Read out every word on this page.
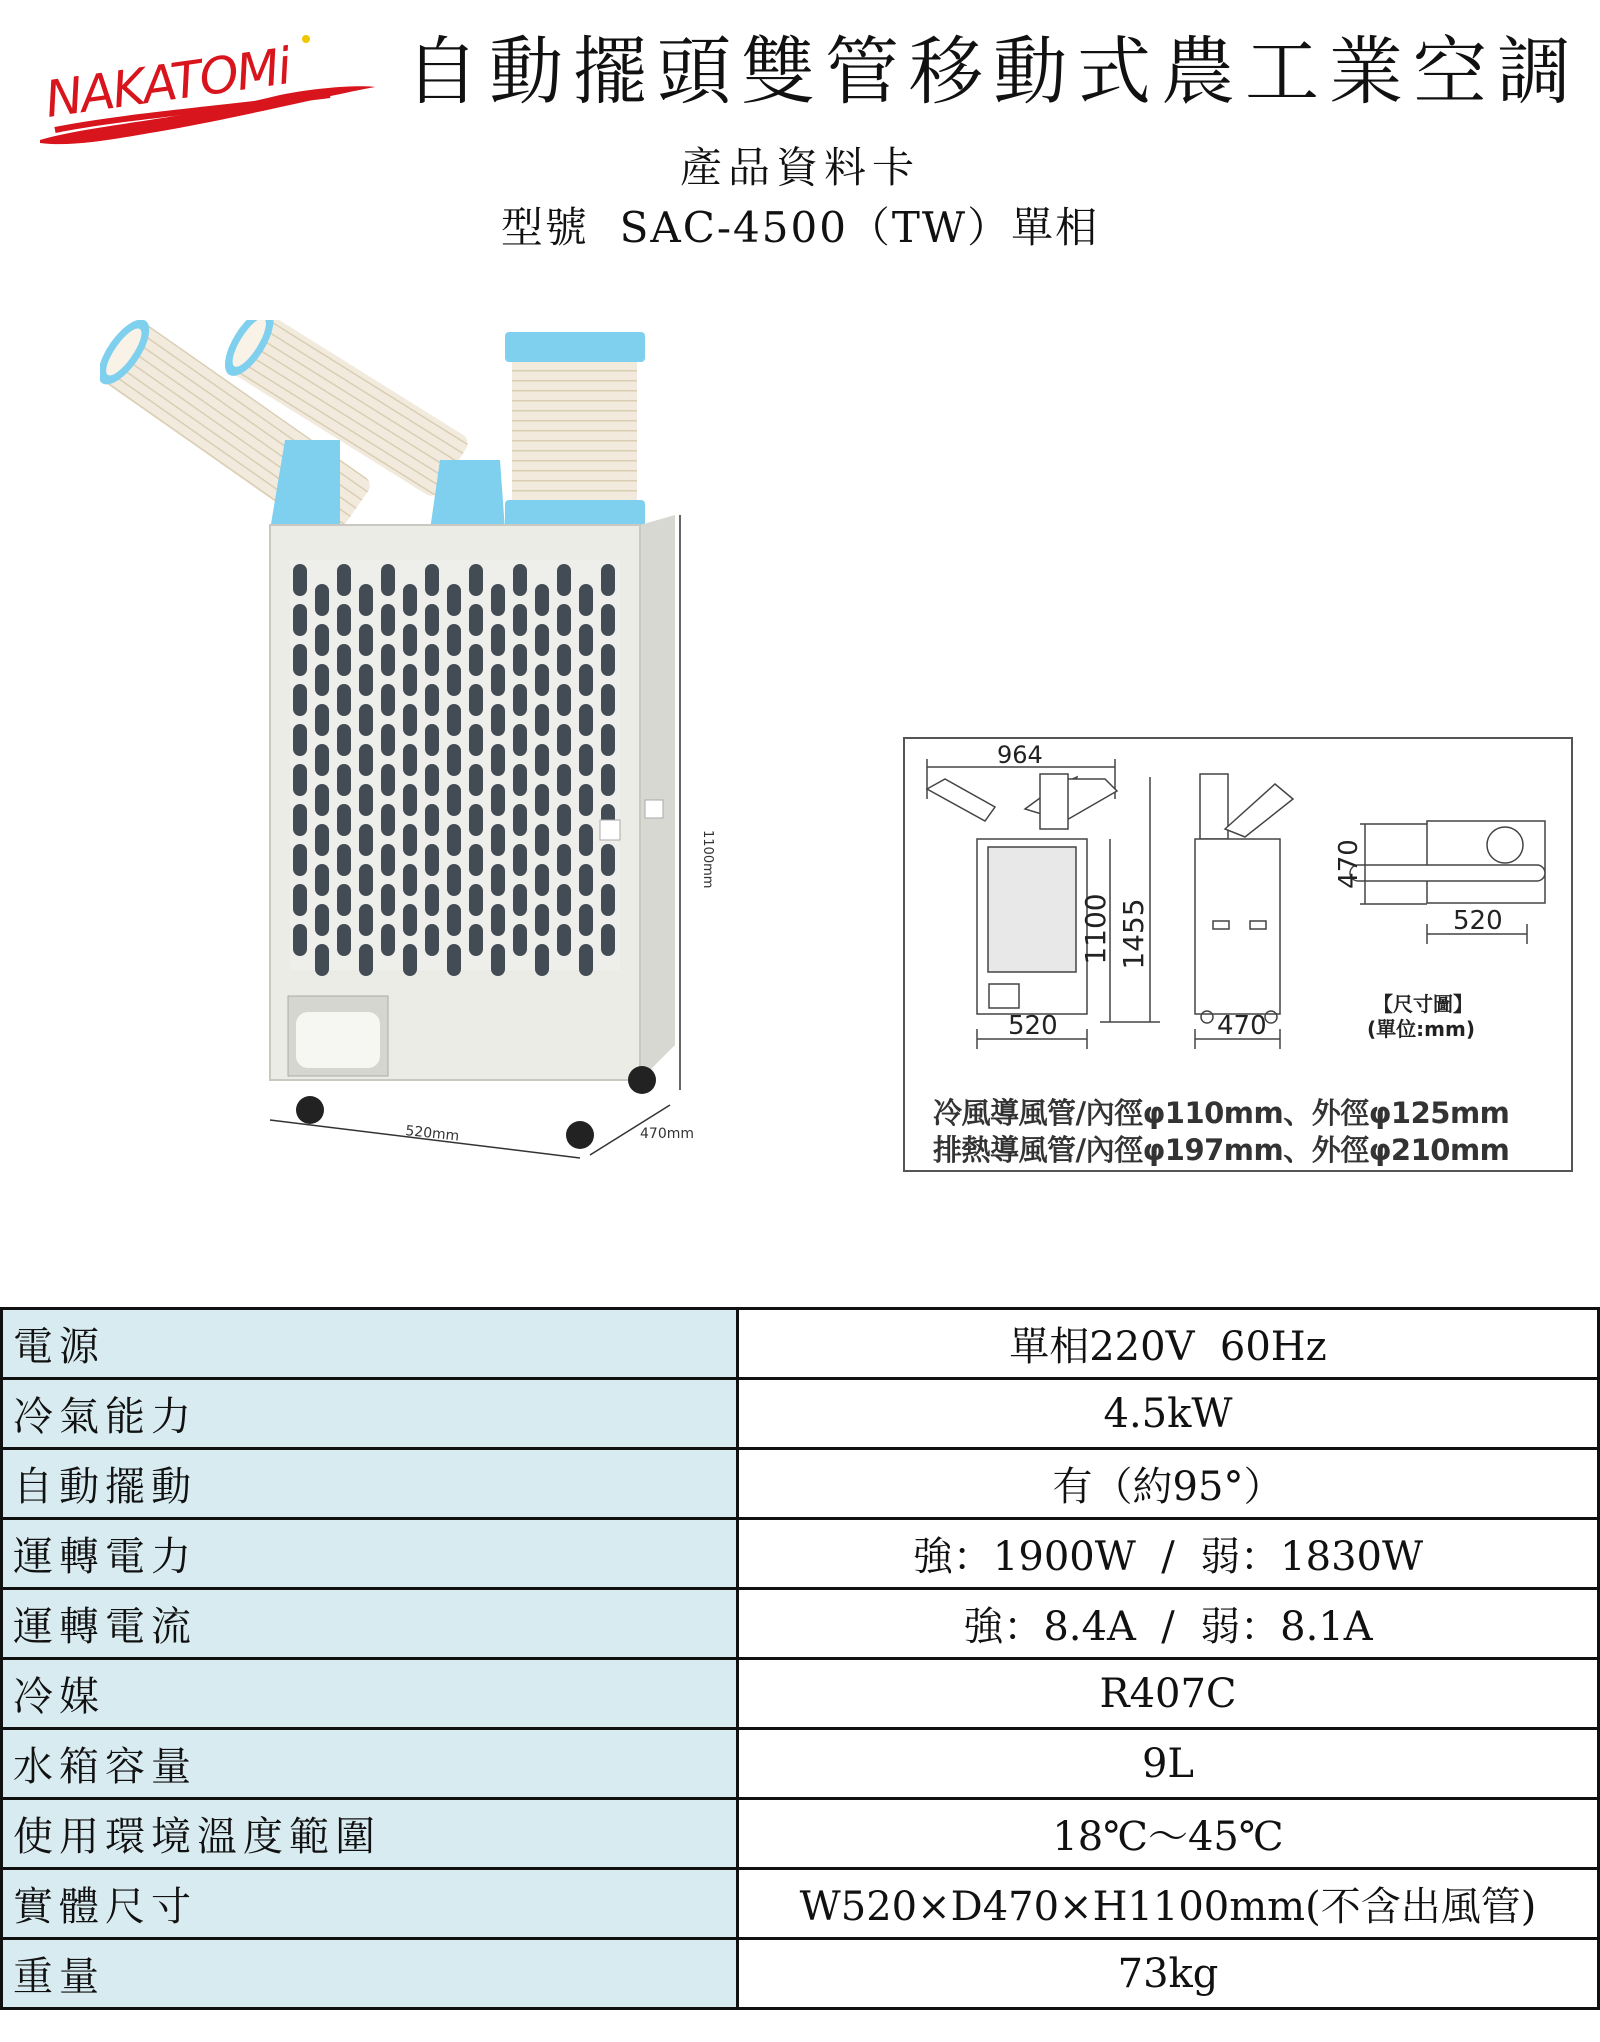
NAKATOMi 自動擺頭雙管移動式農工業空調
產品資料卡
型號  SAC-4500（TW）單相
1100mm
520mm	470mm
964
1455
1100
520	470
470
520
【尺寸圖】
(單位:mm)
冷風導風管/內徑φ110mm、外徑φ125mm
排熱導風管/內徑φ197mm、外徑φ210mm
電源	單相220V  60Hz
冷氣能力	4.5kW
自動擺動	有（約95°）
運轉電力	強：1900W  /  弱：1830W
運轉電流	強：8.4A  /  弱：8.1A
冷媒	R407C
水箱容量	9L
使用環境溫度範圍	18℃～45℃
實體尺寸	W520×D470×H1100mm(不含出風管)
重量	73kg
